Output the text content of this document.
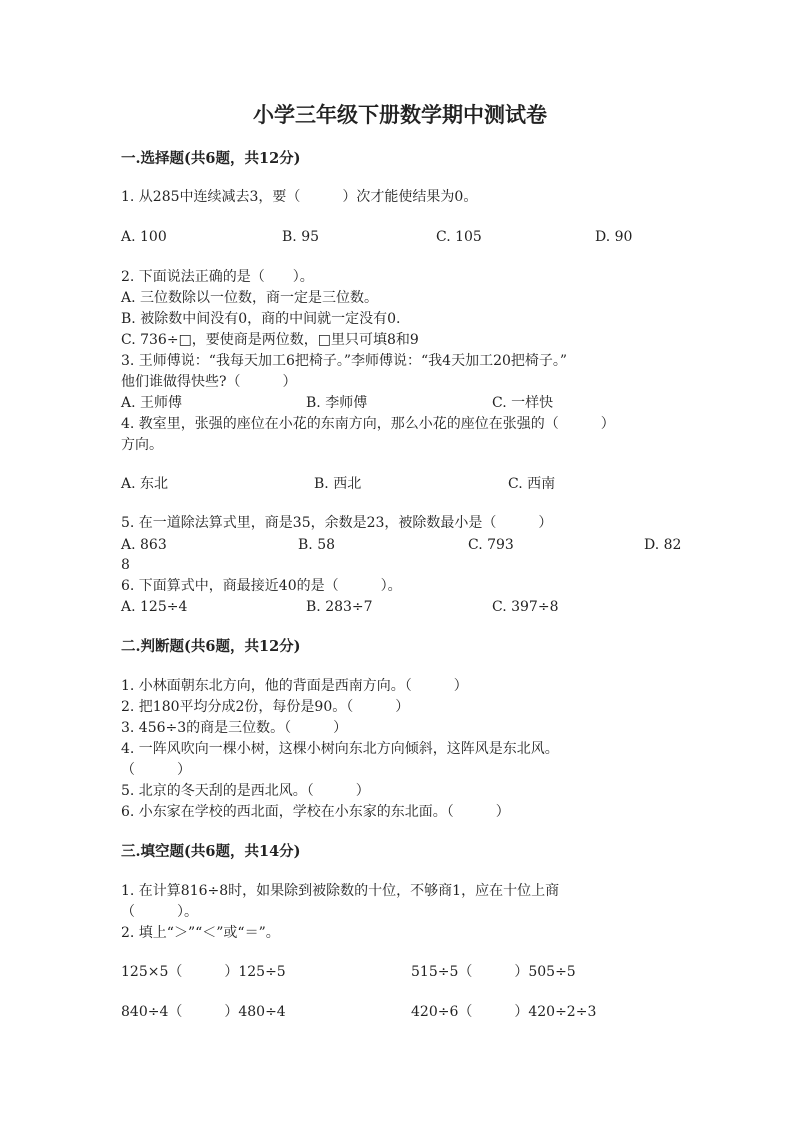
小学三年级下册数学期中测试卷
一.选择题(共6题，共12分)
1. 从285中连续减去3，要（　　　）次才能使结果为0。
A. 100	B. 95	C. 105	D. 90
2. 下面说法正确的是（　　）。
A. 三位数除以一位数，商一定是三位数。
B. 被除数中间没有0，商的中间就一定没有0.
C. 736÷□，要使商是两位数，□里只可填8和9
3. 王师傅说：“我每天加工6把椅子。”李师傅说：“我4天加工20把椅子。”
他们谁做得快些?（　　　）
A. 王师傅	B. 李师傅	C. 一样快
4. 教室里，张强的座位在小花的东南方向，那么小花的座位在张强的（　　　）
方向。
A. 东北	B. 西北	C. 西南
5. 在一道除法算式里，商是35，余数是23，被除数最小是（　　　）
A. 863	B. 58	C. 793	D. 82
8
6. 下面算式中，商最接近40的是（　　　）。
A. 125÷4	B. 283÷7	C. 397÷8
二.判断题(共6题，共12分)
1. 小林面朝东北方向，他的背面是西南方向。（　　　）
2. 把180平均分成2份，每份是90。（　　　）
3. 456÷3的商是三位数。（　　　）
4. 一阵风吹向一棵小树，这棵小树向东北方向倾斜，这阵风是东北风。
（　　　）
5. 北京的冬天刮的是西北风。（　　　）
6. 小东家在学校的西北面，学校在小东家的东北面。（　　　）
三.填空题(共6题，共14分)
1. 在计算816÷8时，如果除到被除数的十位，不够商1，应在十位上商
（　　　）。
2. 填上“＞”“＜”或“＝”。
125×5（　　　）125÷5	515÷5（　　　）505÷5
840÷4（　　　）480÷4	420÷6（　　　）420÷2÷3
